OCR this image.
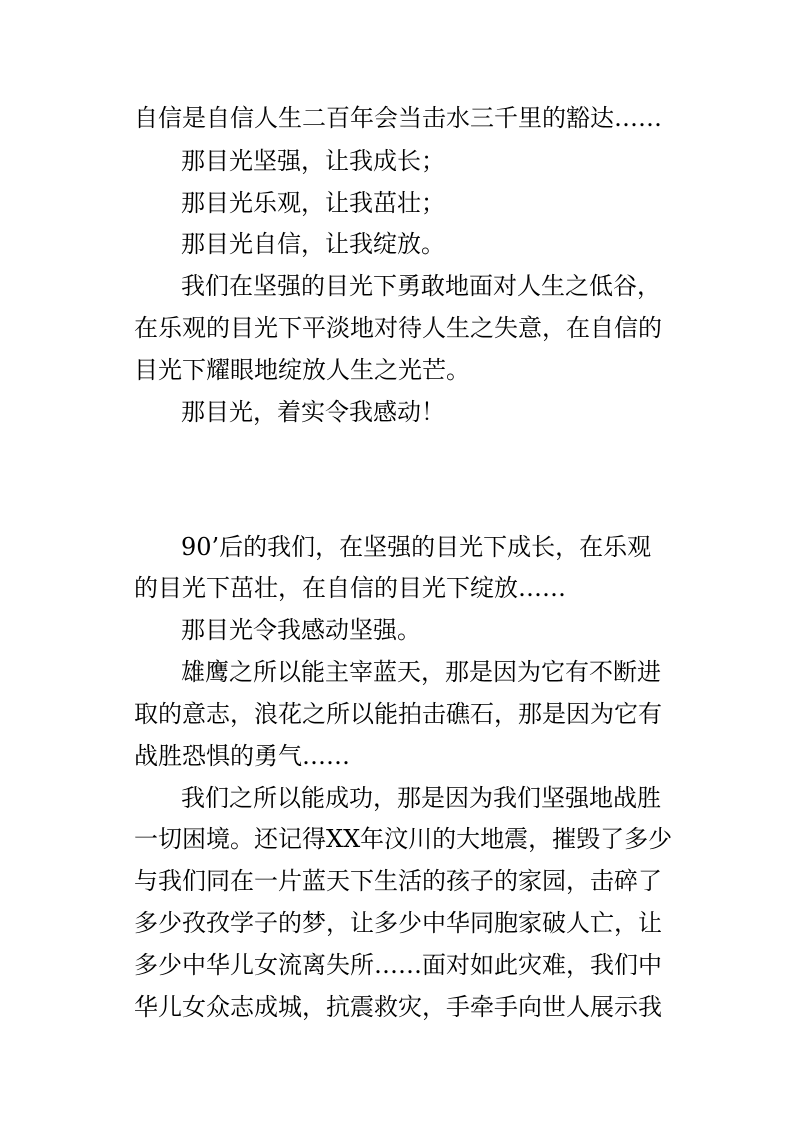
自信是自信人生二百年会当击水三千里的豁达……
那目光坚强，让我成长；
那目光乐观，让我茁壮；
那目光自信，让我绽放。
我们在坚强的目光下勇敢地面对人生之低谷，
在乐观的目光下平淡地对待人生之失意，在自信的
目光下耀眼地绽放人生之光芒。
那目光，着实令我感动！
90’后的我们，在坚强的目光下成长，在乐观
的目光下茁壮，在自信的目光下绽放……
那目光令我感动坚强。
雄鹰之所以能主宰蓝天，那是因为它有不断进
取的意志，浪花之所以能拍击礁石，那是因为它有
战胜恐惧的勇气……
我们之所以能成功，那是因为我们坚强地战胜
一切困境。还记得XX年汶川的大地震，摧毁了多少
与我们同在一片蓝天下生活的孩子的家园，击碎了
多少孜孜学子的梦，让多少中华同胞家破人亡，让
多少中华儿女流离失所……面对如此灾难，我们中
华儿女众志成城，抗震救灾，手牵手向世人展示我
